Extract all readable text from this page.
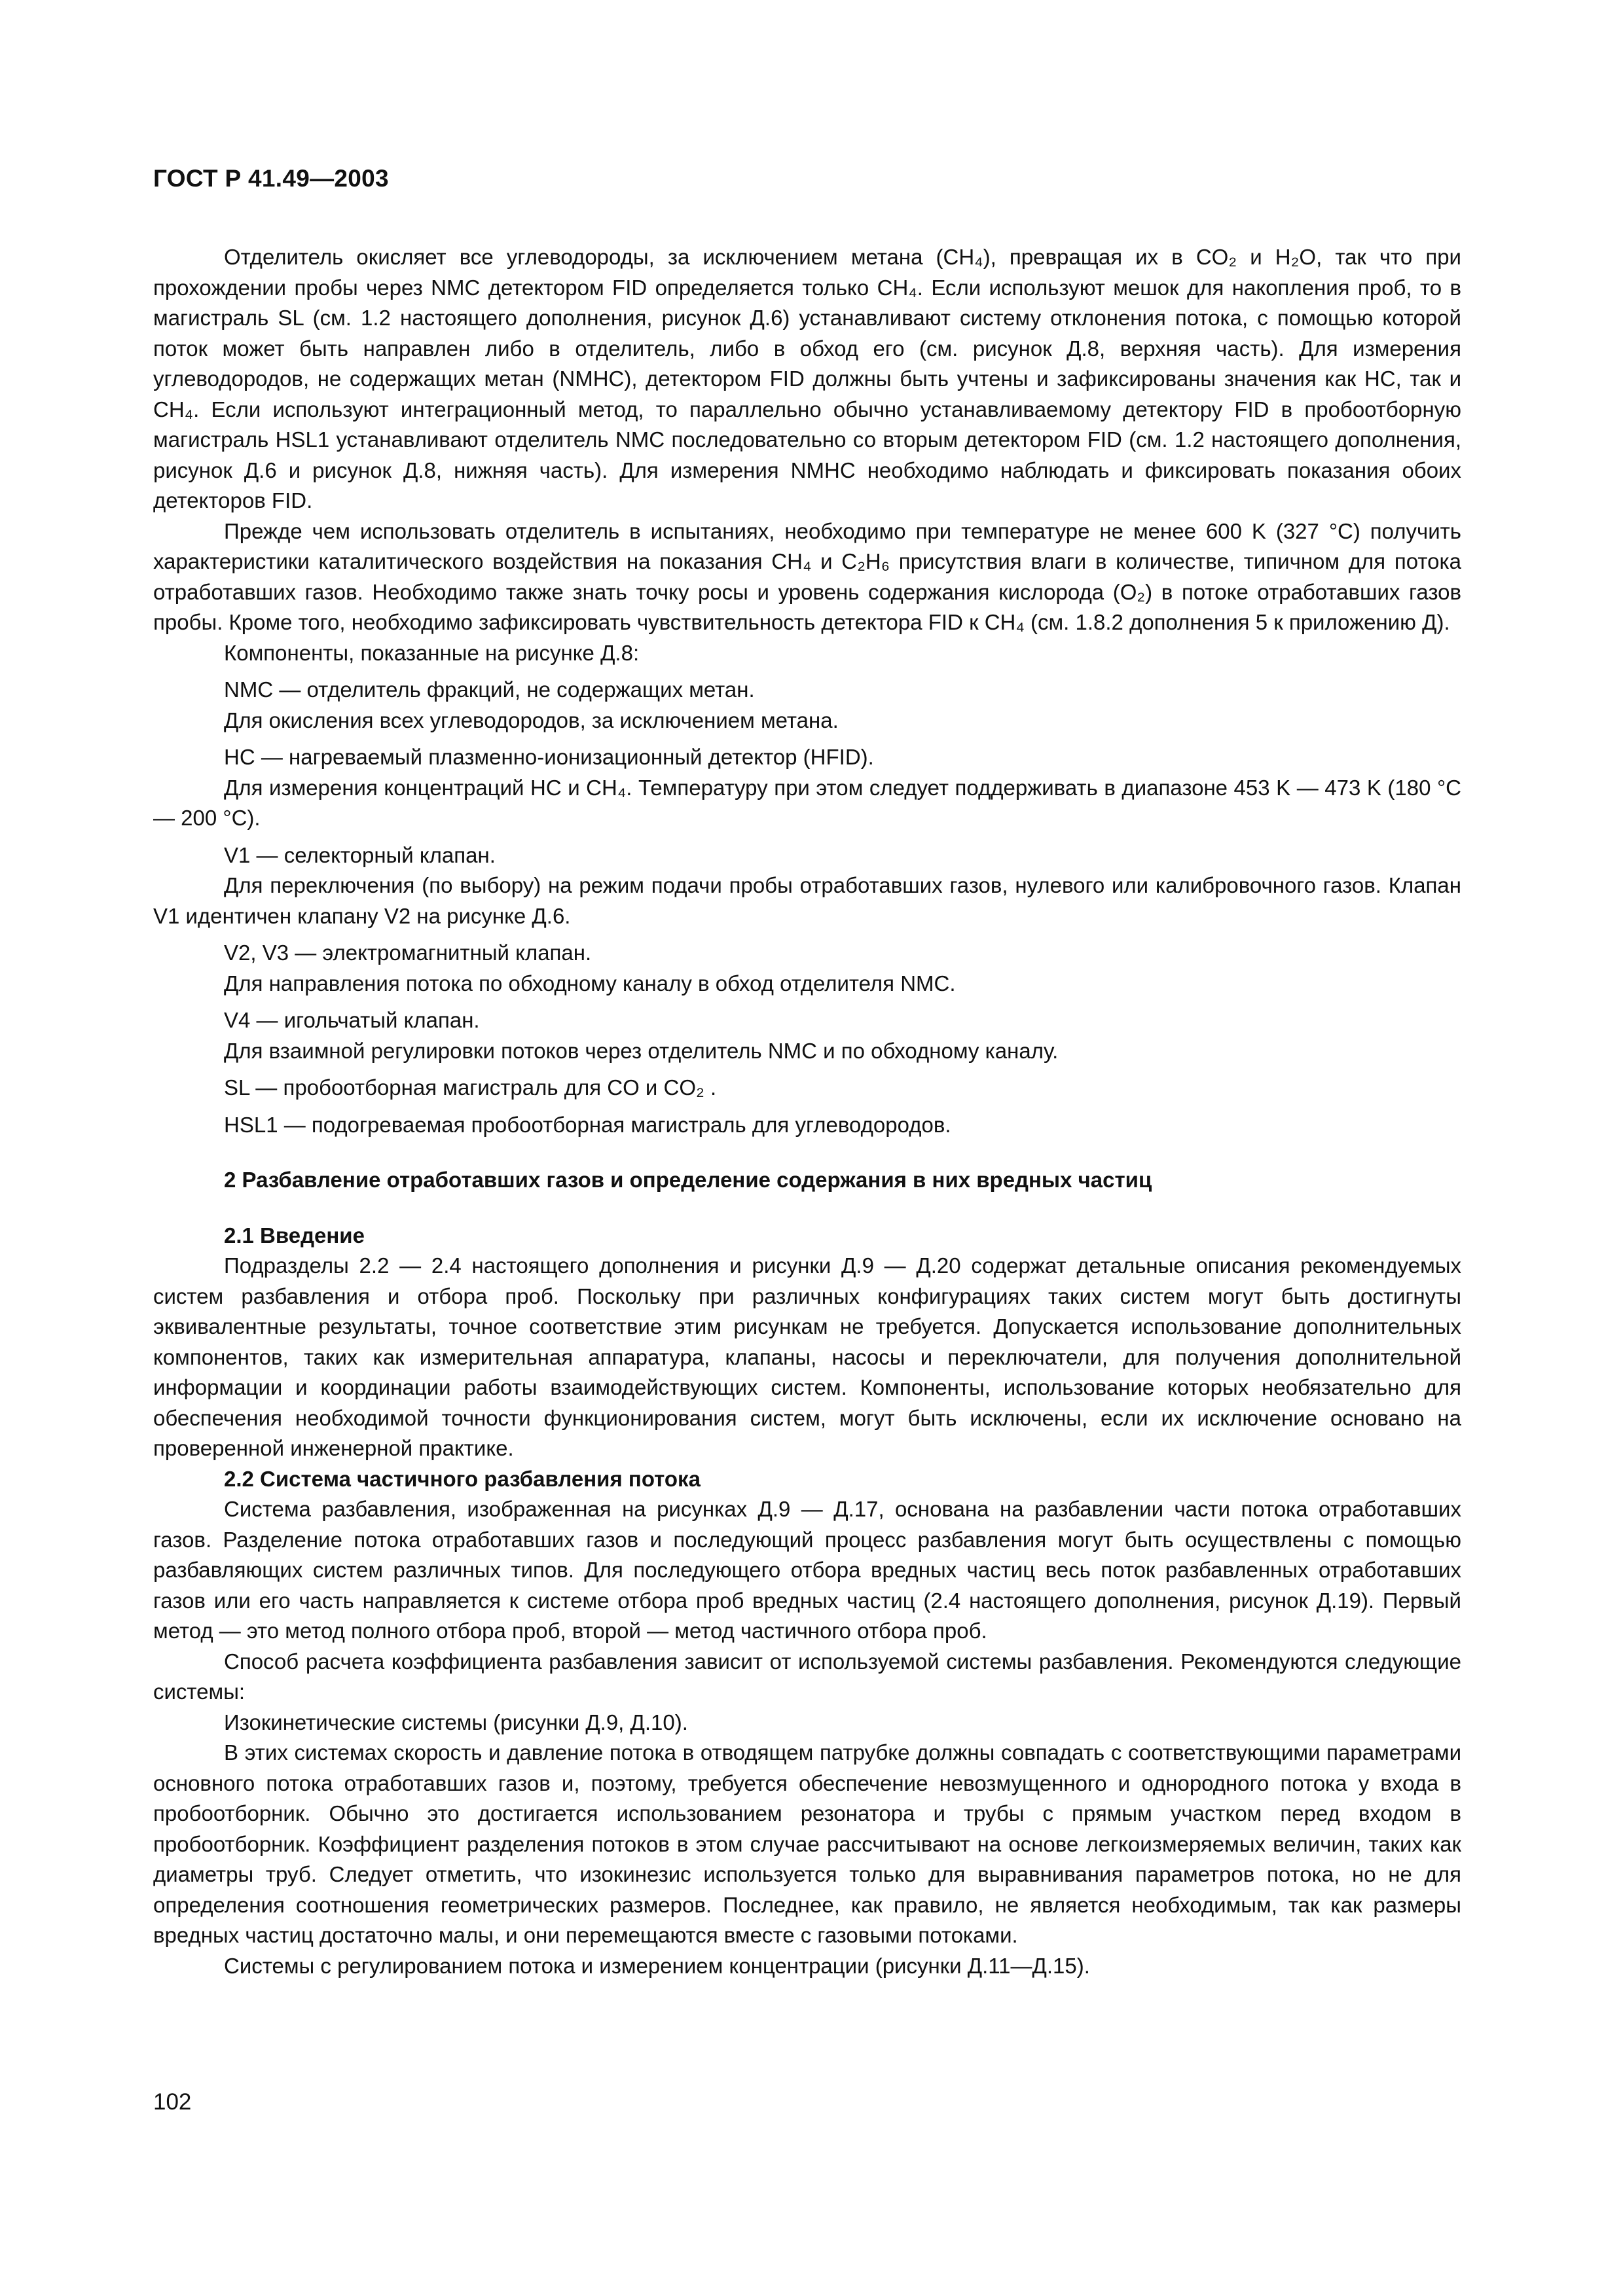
ГОСТ Р 41.49—2003

Отделитель окисляет все углеводороды, за исключением метана (CH₄), превращая их в CO₂ и H₂O, так что при прохождении пробы через NMC детектором FID определяется только CH₄. Если используют мешок для накопления проб, то в магистраль SL (см. 1.2 настоящего дополнения, рисунок Д.6) устанавливают систему отклонения потока, с помощью которой поток может быть направлен либо в отделитель, либо в обход его (см. рисунок Д.8, верхняя часть). Для измерения углеводородов, не содержащих метан (NMHC), детектором FID должны быть учтены и зафиксированы значения как HC, так и CH₄. Если используют интеграционный метод, то параллельно обычно устанавливаемому детектору FID в пробоотборную магистраль HSL1 устанавливают отделитель NMC последовательно со вторым детектором FID (см. 1.2 настоящего дополнения, рисунок Д.6 и рисунок Д.8, нижняя часть). Для измерения NMHC необходимо наблюдать и фиксировать показания обоих детекторов FID.

Прежде чем использовать отделитель в испытаниях, необходимо при температуре не менее 600 K (327 °C) получить характеристики каталитического воздействия на показания CH₄ и C₂H₆ присутствия влаги в количестве, типичном для потока отработавших газов. Необходимо также знать точку росы и уровень содержания кислорода (O₂) в потоке отработавших газов пробы. Кроме того, необходимо зафиксировать чувствительность детектора FID к CH₄ (см. 1.8.2 дополнения 5 к приложению Д).

Компоненты, показанные на рисунке Д.8:

NMC — отделитель фракций, не содержащих метан.

Для окисления всех углеводородов, за исключением метана.

HC — нагреваемый плазменно-ионизационный детектор (HFID).

Для измерения концентраций HC и CH₄. Температуру при этом следует поддерживать в диапазоне 453 K — 473 K (180 °C — 200 °C).

V1 — селекторный клапан.

Для переключения (по выбору) на режим подачи пробы отработавших газов, нулевого или калибровочного газов. Клапан V1 идентичен клапану V2 на рисунке Д.6.

V2, V3 — электромагнитный клапан.

Для направления потока по обходному каналу в обход отделителя NMC.

V4 — игольчатый клапан.

Для взаимной регулировки потоков через отделитель NMC и по обходному каналу.

SL — пробоотборная магистраль для CO и CO₂ .

HSL1 — подогреваемая пробоотборная магистраль для углеводородов.

2 Разбавление отработавших газов и определение содержания в них вредных частиц

2.1 Введение

Подразделы 2.2 — 2.4 настоящего дополнения и рисунки Д.9 — Д.20 содержат детальные описания рекомендуемых систем разбавления и отбора проб. Поскольку при различных конфигурациях таких систем могут быть достигнуты эквивалентные результаты, точное соответствие этим рисункам не требуется. Допускается использование дополнительных компонентов, таких как измерительная аппаратура, клапаны, насосы и переключатели, для получения дополнительной информации и координации работы взаимодействующих систем. Компоненты, использование которых необязательно для обеспечения необходимой точности функционирования систем, могут быть исключены, если их исключение основано на проверенной инженерной практике.

2.2 Система частичного разбавления потока

Система разбавления, изображенная на рисунках Д.9 — Д.17, основана на разбавлении части потока отработавших газов. Разделение потока отработавших газов и последующий процесс разбавления могут быть осуществлены с помощью разбавляющих систем различных типов. Для последующего отбора вредных частиц весь поток разбавленных отработавших газов или его часть направляется к системе отбора проб вредных частиц (2.4 настоящего дополнения, рисунок Д.19). Первый метод — это метод полного отбора проб, второй — метод частичного отбора проб.

Способ расчета коэффициента разбавления зависит от используемой системы разбавления. Рекомендуются следующие системы:

Изокинетические системы (рисунки Д.9, Д.10).

В этих системах скорость и давление потока в отводящем патрубке должны совпадать с соответствующими параметрами основного потока отработавших газов и, поэтому, требуется обеспечение невозмущенного и однородного потока у входа в пробоотборник. Обычно это достигается использованием резонатора и трубы с прямым участком перед входом в пробоотборник. Коэффициент разделения потоков в этом случае рассчитывают на основе легкоизмеряемых величин, таких как диаметры труб. Следует отметить, что изокинезис используется только для выравнивания параметров потока, но не для определения соотношения геометрических размеров. Последнее, как правило, не является необходимым, так как размеры вредных частиц достаточно малы, и они перемещаются вместе с газовыми потоками.

Системы с регулированием потока и измерением концентрации (рисунки Д.11—Д.15).

102
